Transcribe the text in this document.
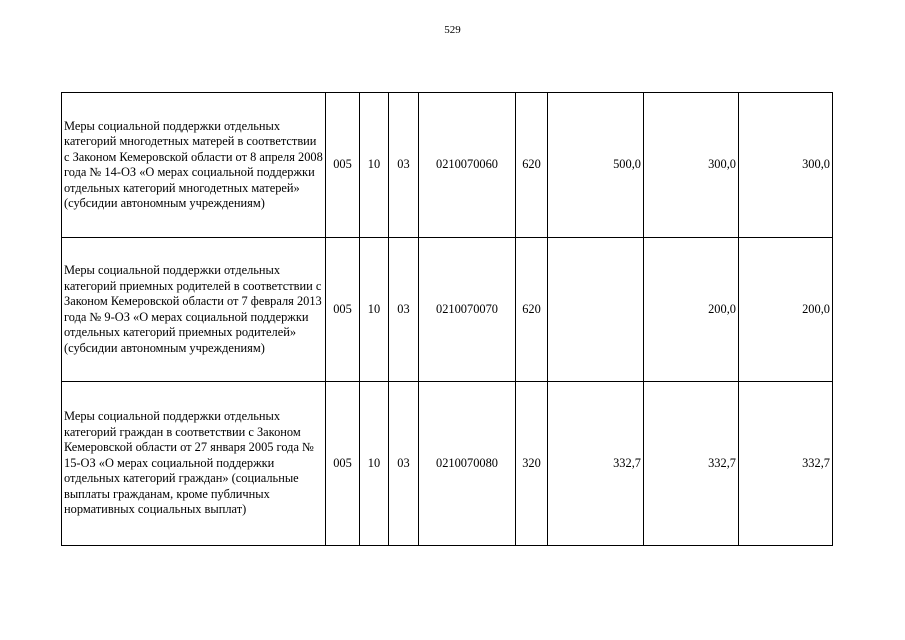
529
Меры социальной поддержки отдельных категорий многодетных матерей в соответствии с Законом Кемеровской области от 8 апреля 2008 года № 14-ОЗ «О мерах социальной поддержки отдельных категорий многодетных матерей» (субсидии автономным учреждениям)	005	10	03	0210070060	620	500,0	300,0	300,0
Меры социальной поддержки отдельных категорий приемных родителей в соответствии с Законом Кемеровской области от 7 февраля 2013 года № 9-ОЗ «О мерах социальной поддержки отдельных категорий приемных родителей» (субсидии автономным учреждениям)	005	10	03	0210070070	620		200,0	200,0
Меры социальной поддержки отдельных категорий граждан в соответствии с Законом Кемеровской области от 27 января 2005 года № 15-ОЗ «О мерах социальной поддержки отдельных категорий граждан» (социальные выплаты гражданам, кроме публичных нормативных социальных выплат)	005	10	03	0210070080	320	332,7	332,7	332,7
